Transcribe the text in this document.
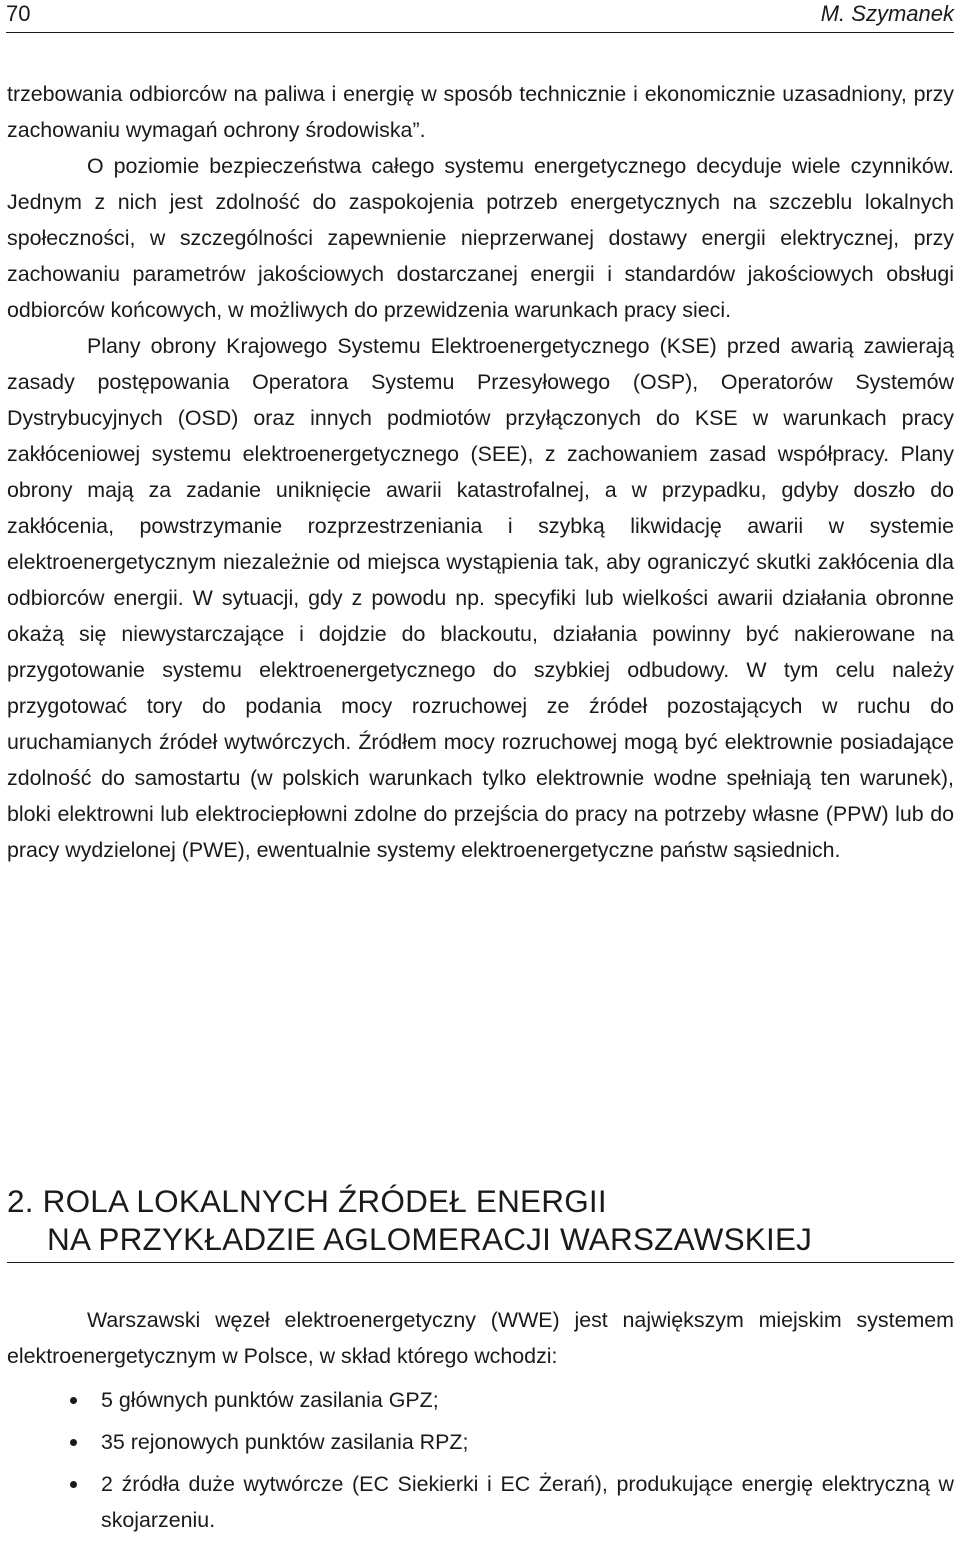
70	M. Szymanek

trzebowania odbiorców na paliwa i energię w sposób technicznie i ekonomicznie uzasadniony, przy zachowaniu wymagań ochrony środowiska”.

O poziomie bezpieczeństwa całego systemu energetycznego decyduje wiele czynników. Jednym z nich jest zdolność do zaspokojenia potrzeb energetycznych na szczeblu lokalnych społeczności, w szczególności zapewnienie nieprzerwanej dostawy energii elektrycznej, przy zachowaniu parametrów jakościowych dostarczanej energii i standardów jakościowych obsługi odbiorców końcowych, w możliwych do przewidzenia warunkach pracy sieci.

Plany obrony Krajowego Systemu Elektroenergetycznego (KSE) przed awarią zawierają zasady postępowania Operatora Systemu Przesyłowego (OSP), Operatorów Systemów Dystrybucyjnych (OSD) oraz innych podmiotów przyłączonych do KSE w warunkach pracy zakłóceniowej systemu elektroenergetycznego (SEE), z zachowaniem zasad współpracy. Plany obrony mają za zadanie uniknięcie awarii katastrofalnej, a w przypadku, gdyby doszło do zakłócenia, powstrzymanie rozprzestrzeniania i szybką likwidację awarii w systemie elektroenergetycznym niezależnie od miejsca wystąpienia tak, aby ograniczyć skutki zakłócenia dla odbiorców energii. W sytuacji, gdy z powodu np. specyfiki lub wielkości awarii działania obronne okażą się niewystarczające i dojdzie do blackoutu, działania powinny być nakierowane na przygotowanie systemu elektroenergetycznego do szybkiej odbudowy. W tym celu należy przygotować tory do podania mocy rozruchowej ze źródeł pozostających w ruchu do uruchamianych źródeł wytwórczych. Źródłem mocy rozruchowej mogą być elektrownie posiadające zdolność do samostartu (w polskich warunkach tylko elektrownie wodne spełniają ten warunek), bloki elektrowni lub elektrociepłowni zdolne do przejścia do pracy na potrzeby własne (PPW) lub do pracy wydzielonej (PWE), ewentualnie systemy elektroenergetyczne państw sąsiednich.

2. ROLA LOKALNYCH ŹRÓDEŁ ENERGII
NA PRZYKŁADZIE AGLOMERACJI WARSZAWSKIEJ

Warszawski węzeł elektroenergetyczny (WWE) jest największym miejskim systemem elektroenergetycznym w Polsce, w skład którego wchodzi:

5 głównych punktów zasilania GPZ;
35 rejonowych punktów zasilania RPZ;
2 źródła duże wytwórcze (EC Siekierki i EC Żerań), produkujące energię elektryczną w skojarzeniu.
